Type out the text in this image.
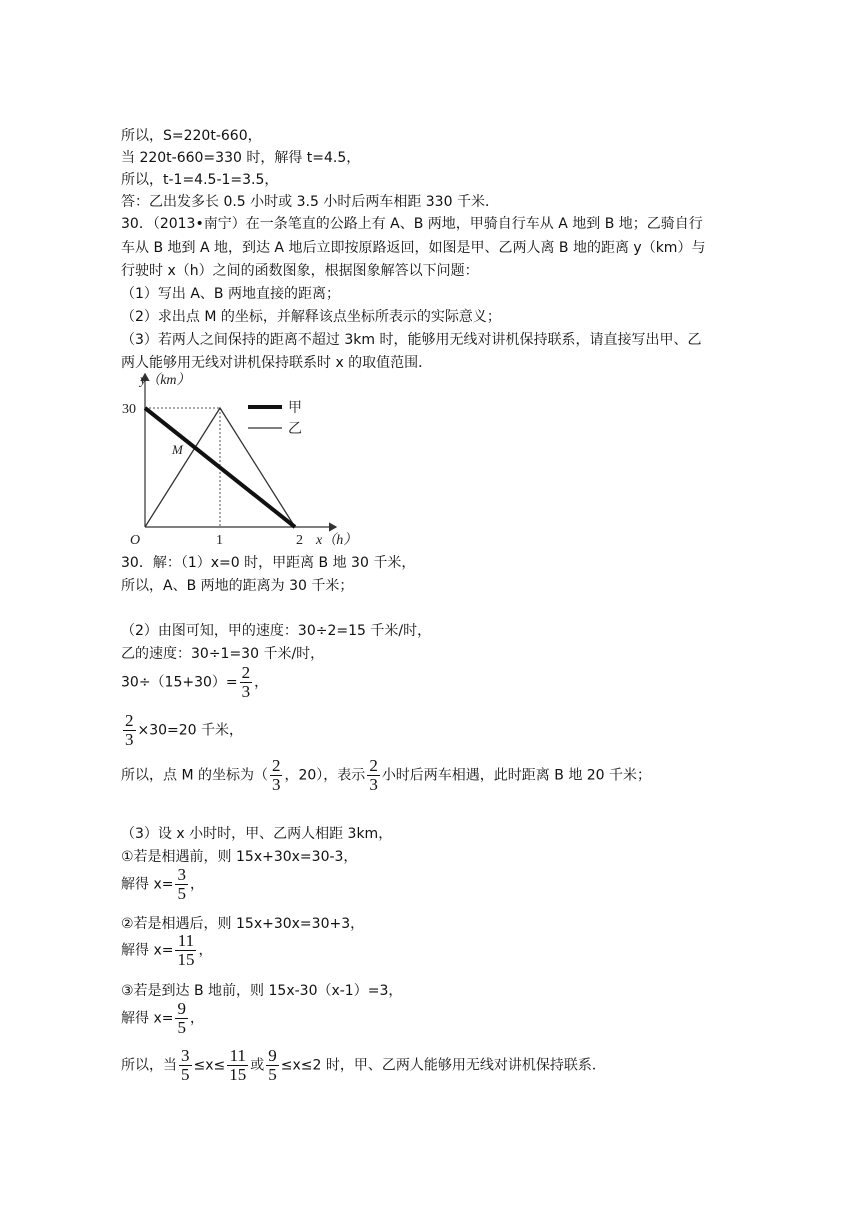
所以，S=220t-660，
当 220t-660=330 时，解得 t=4.5，
所以，t-1=4.5-1=3.5，
答：乙出发多长 0.5 小时或 3.5 小时后两车相距 330 千米．
30．（2013•南宁）在一条笔直的公路上有 A、B 两地，甲骑自行车从 A 地到 B 地；乙骑自行
车从 B 地到 A 地，到达 A 地后立即按原路返回，如图是甲、乙两人离 B 地的距离 y（km）与
行驶时 x（h）之间的函数图象，根据图象解答以下问题：
（1）写出 A、B 两地直接的距离；
（2）求出点 M 的坐标，并解释该点坐标所表示的实际意义；
（3）若两人之间保持的距离不超过 3km 时，能够用无线对讲机保持联系，请直接写出甲、乙
两人能够用无线对讲机保持联系时 x 的取值范围．
y（km）
x（h）
30
1	2
O
M
甲
乙
30．解：（1）x=0 时，甲距离 B 地 30 千米，
所以，A、B 两地的距离为 30 千米；
（2）由图可知，甲的速度：30÷2=15 千米/时，
乙的速度：30÷1=30 千米/时，
$30\div(15+30)= \frac{2}{3}$ ，
$\frac{2}{3} \times 30=20$ 千米，
所以，点 M 的坐标为（ $\frac{2}{3}$ ，20），表示 $\frac{2}{3}$ 小时后两车相遇，此时距离 B 地 20 千米；
（3）设 x 小时时，甲、乙两人相距 3km，
①若是相遇前，则 15x+30x=30-3，
解得 $x= \frac{3}{5}$ ，
②若是相遇后，则 15x+30x=30+3，
解得 $x= \frac{11}{15}$ ，
③若是到达 B 地前，则 15x-30（x-1）=3，
解得 $x= \frac{9}{5}$ ，
所以，当 $\frac{3}{5} \le x\le \frac{11}{15}$ 或 $\frac{9}{5} \le x\le 2$ 时，甲、乙两人能够用无线对讲机保持联系．
